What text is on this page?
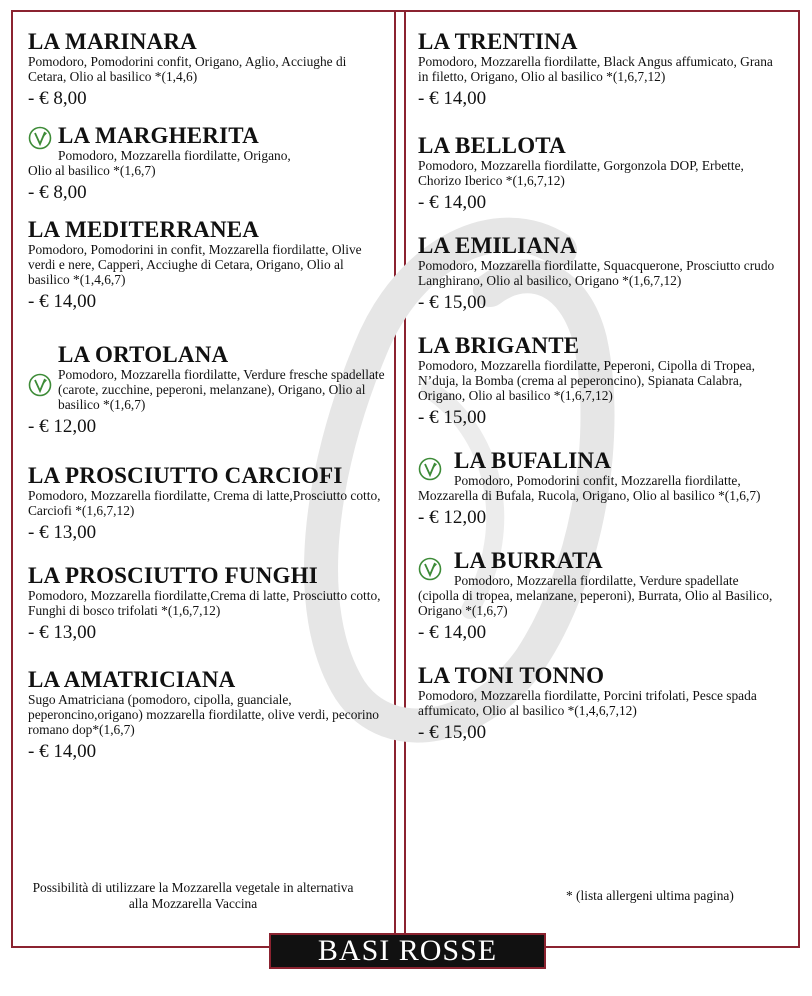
LA MARINARA
Pomodoro, Pomodorini confit, Origano, Aglio, Acciughe di Cetara, Olio al basilico *(1,4,6)
- € 8,00
LA MARGHERITA
Pomodoro, Mozzarella fiordilatte, Origano,
Olio al basilico *(1,6,7)
- € 8,00
LA MEDITERRANEA
Pomodoro, Pomodorini in confit, Mozzarella fiordilatte, Olive verdi e nere, Capperi, Acciughe di Cetara, Origano, Olio al basilico *(1,4,6,7)
- € 14,00
LA ORTOLANA
Pomodoro, Mozzarella fiordilatte, Verdure fresche spadellate (carote, zucchine, peperoni, melanzane), Origano, Olio al basilico *(1,6,7)
- € 12,00
LA PROSCIUTTO CARCIOFI
Pomodoro, Mozzarella fiordilatte, Crema di latte,Prosciutto cotto, Carciofi *(1,6,7,12)
- € 13,00
LA PROSCIUTTO FUNGHI
Pomodoro, Mozzarella fiordilatte,Crema di latte, Prosciutto cotto, Funghi di bosco trifolati *(1,6,7,12)
- € 13,00
LA AMATRICIANA
Sugo Amatriciana (pomodoro, cipolla, guanciale, peperoncino,origano) mozzarella fiordilatte, olive verdi, pecorino romano dop*(1,6,7)
- € 14,00
LA TRENTINA
Pomodoro, Mozzarella fiordilatte, Black Angus affumicato, Grana in filetto, Origano, Olio al basilico *(1,6,7,12)
- € 14,00
LA BELLOTA
Pomodoro, Mozzarella fiordilatte, Gorgonzola DOP, Erbette, Chorizo Iberico *(1,6,7,12)
- € 14,00
LA EMILIANA
Pomodoro, Mozzarella fiordilatte, Squacquerone, Prosciutto crudo Langhirano, Olio al basilico, Origano *(1,6,7,12)
- € 15,00
LA BRIGANTE
Pomodoro, Mozzarella fiordilatte, Peperoni, Cipolla di Tropea, N’duja, la Bomba (crema al peperoncino), Spianata Calabra, Origano, Olio al basilico *(1,6,7,12)
- € 15,00
LA BUFALINA
Pomodoro, Pomodorini confit, Mozzarella fiordilatte, Mozzarella di Bufala, Rucola, Origano, Olio al basilico *(1,6,7)
- € 12,00
LA BURRATA
Pomodoro, Mozzarella fiordilatte, Verdure spadellate (cipolla di tropea, melanzane, peperoni), Burrata, Olio al Basilico, Origano *(1,6,7)
- € 14,00
LA TONI TONNO
Pomodoro, Mozzarella fiordilatte, Porcini trifolati, Pesce spada affumicato, Olio al basilico *(1,4,6,7,12)
- € 15,00
Possibilità di utilizzare la Mozzarella vegetale in alternativa alla Mozzarella Vaccina
* (lista allergeni ultima pagina)
BASI ROSSE
